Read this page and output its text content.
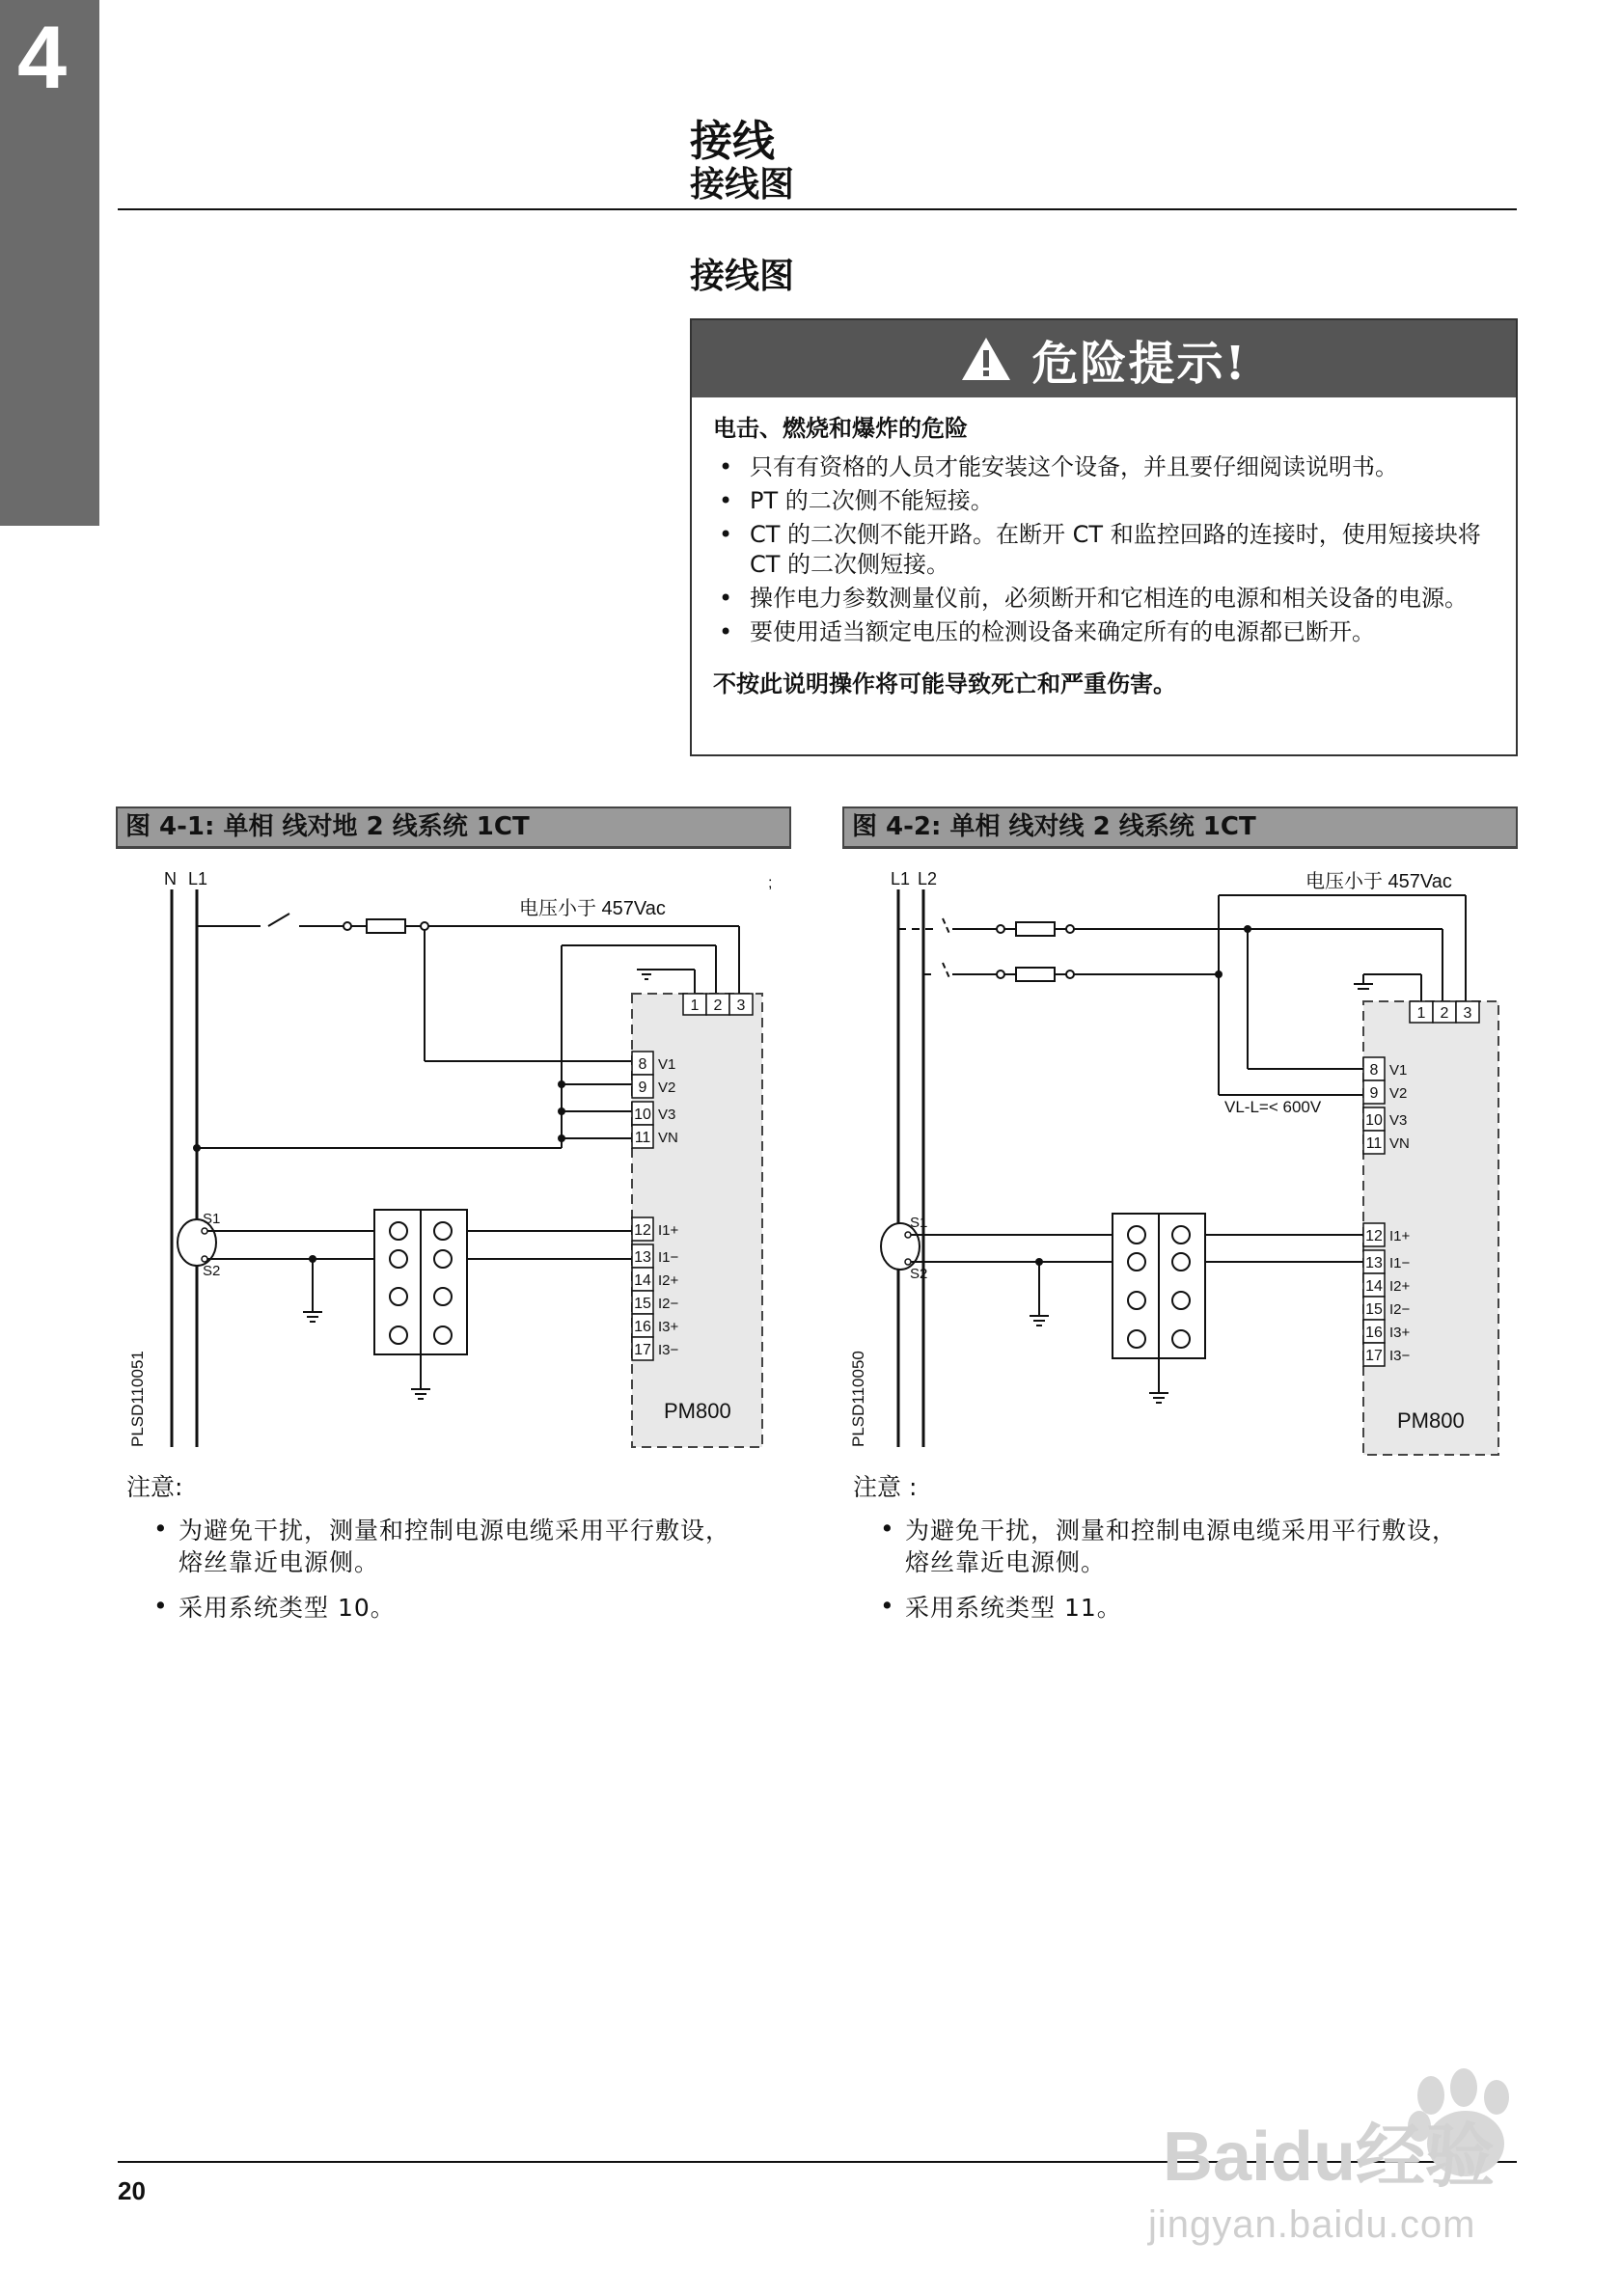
4
接线
接线图
接线图
危险提示!
电击、燃烧和爆炸的危险
• 只有有资格的人员才能安装这个设备，并且要仔细阅读说明书。
• PT 的二次侧不能短接。
• CT 的二次侧不能开路。在断开 CT 和监控回路的连接时，使用短接块将 CT 的二次侧短接。
• 操作电力参数测量仪前，必须断开和它相连的电源和相关设备的电源。
• 要使用适当额定电压的检测设备来确定所有的电源都已断开。
不按此说明操作将可能导致死亡和严重伤害。
图 4-1: 单相 线对地 2 线系统 1CT
N L1
电压小于 457Vac
;
1 2 3
8
9
10
11
12
13
14
15
16
17
V1
V2
V3
VN
I1+
I1−
I2+
I2−
I3+
I3−
PM800
S1
S2
PLSD110051
注意:
• 为避免干扰，测量和控制电源电缆采用平行敷设，熔丝靠近电源侧。
• 采用系统类型 10。
图 4-2: 单相 线对线 2 线系统 1CT
L1 L2	电压小于 457Vac
VL-L=< 600V
1 2 3
8
9
10
11
12
13
14
15
16
17
V1
V2
V3
VN
I1+
I1−
I2+
I2−
I3+
I3−
PM800
S1
S2
PLSD110050
注意 :
• 为避免干扰，测量和控制电源电缆采用平行敷设，熔丝靠近电源侧。
• 采用系统类型 11。
20	Baidu经验
jingyan.baidu.com
